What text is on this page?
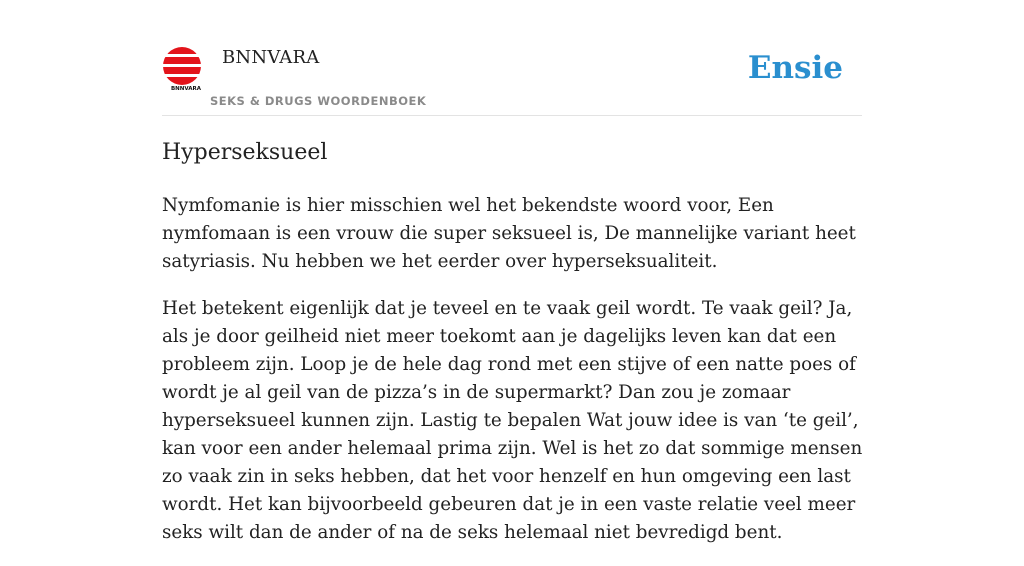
BNNVARA
BNNVARA
SEKS & DRUGS WOORDENBOEK
Ensie
Hyperseksueel

Nymfomanie is hier misschien wel het bekendste woord voor, Een nymfomaan is een vrouw die super seksueel is, De mannelijke variant heet satyriasis. Nu hebben we het eerder over hyperseksualiteit.

Het betekent eigenlijk dat je teveel en te vaak geil wordt. Te vaak geil? Ja, als je door geilheid niet meer toekomt aan je dagelijks leven kan dat een probleem zijn. Loop je de hele dag rond met een stijve of een natte poes of wordt je al geil van de pizza’s in de supermarkt? Dan zou je zomaar hyperseksueel kunnen zijn. Lastig te bepalen Wat jouw idee is van ‘te geil’, kan voor een ander helemaal prima zijn. Wel is het zo dat sommige mensen zo vaak zin in seks hebben, dat het voor henzelf en hun omgeving een last wordt. Het kan bijvoorbeeld gebeuren dat je in een vaste relatie veel meer seks wilt dan de ander of na de seks helemaal niet bevredigd bent.
